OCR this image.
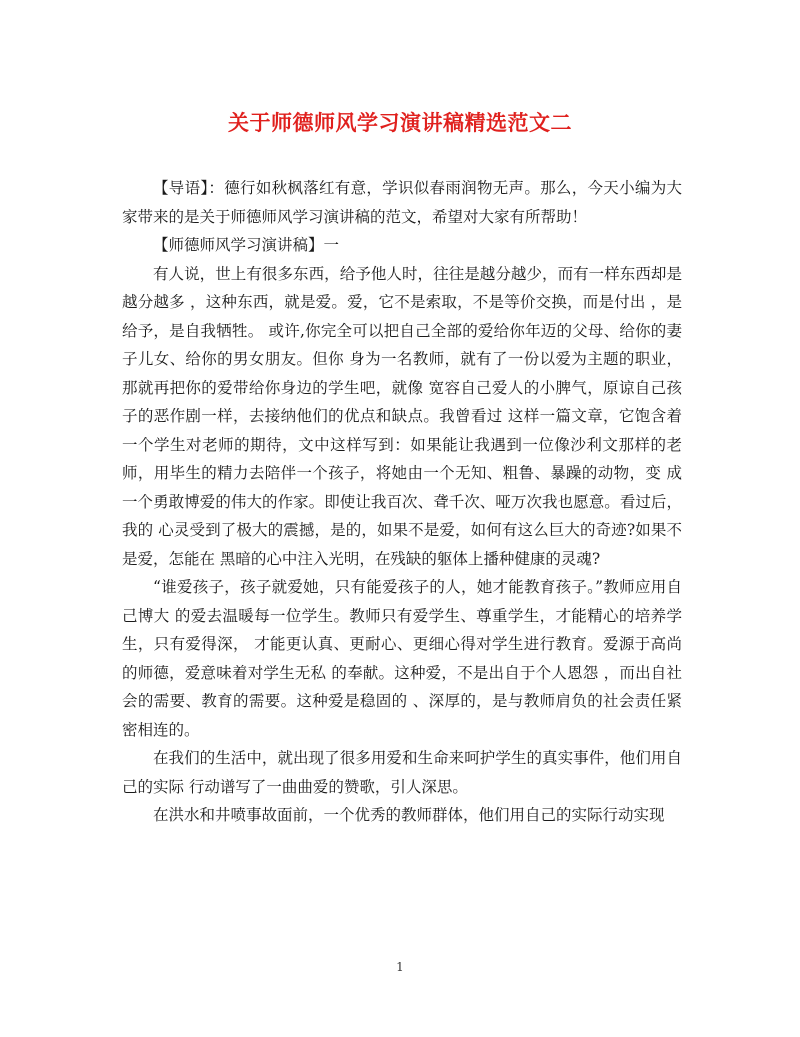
关于师德师风学习演讲稿精选范文二

【导语】：德行如秋枫落红有意，学识似春雨润物无声。那么，今天小编为大家带来的是关于师德师风学习演讲稿的范文，希望对大家有所帮助！

【师德师风学习演讲稿】一

有人说，世上有很多东西，给予他人时，往往是越分越少，而有一样东西却是越分越多 ，这种东西，就是爱。爱，它不是索取，不是等价交换，而是付出 ，是给予，是自我牺牲。 或许,你完全可以把自己全部的爱给你年迈的父母、给你的妻子儿女、给你的男女朋友。但你 身为一名教师，就有了一份以爱为主题的职业，那就再把你的爱带给你身边的学生吧，就像 宽容自己爱人的小脾气，原谅自己孩子的恶作剧一样，去接纳他们的优点和缺点。我曾看过 这样一篇文章，它饱含着一个学生对老师的期待，文中这样写到：如果能让我遇到一位像沙利文那样的老师，用毕生的精力去陪伴一个孩子，将她由一个无知、粗鲁、暴躁的动物，变 成一个勇敢博爱的伟大的作家。即使让我百次、聋千次、哑万次我也愿意。看过后，我的 心灵受到了极大的震撼，是的，如果不是爱，如何有这么巨大的奇迹?如果不是爱，怎能在 黑暗的心中注入光明，在残缺的躯体上播种健康的灵魂?

“谁爱孩子，孩子就爱她，只有能爱孩子的人，她才能教育孩子。”教师应用自己博大 的爱去温暖每一位学生。教师只有爱学生、尊重学生，才能精心的培养学生，只有爱得深， 才能更认真、更耐心、更细心得对学生进行教育。爱源于高尚的师德，爱意味着对学生无私 的奉献。这种爱，不是出自于个人恩怨 ，而出自社会的需要、教育的需要。这种爱是稳固的 、深厚的，是与教师肩负的社会责任紧密相连的。

在我们的生活中，就出现了很多用爱和生命来呵护学生的真实事件，他们用自己的实际 行动谱写了一曲曲爱的赞歌，引人深思。

在洪水和井喷事故面前，一个优秀的教师群体，他们用自己的实际行动实现

1
